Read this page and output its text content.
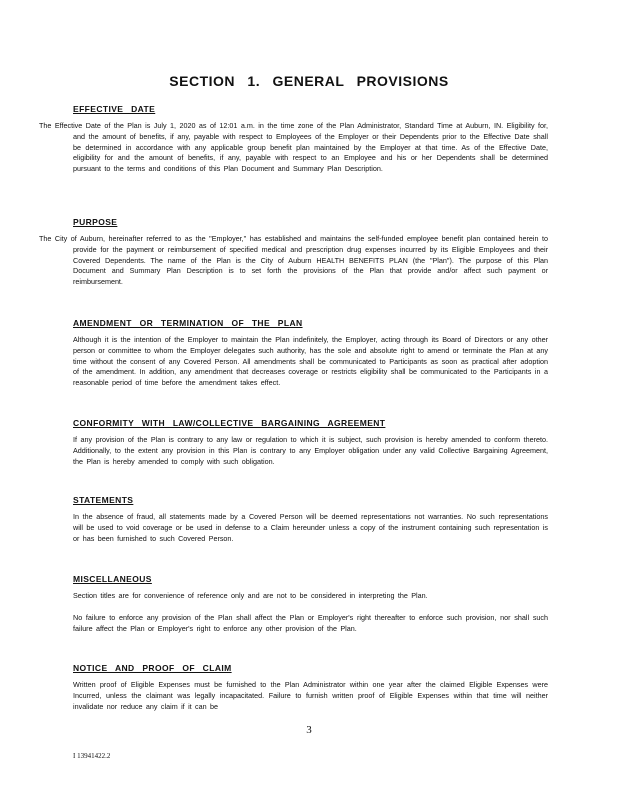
SECTION 1. GENERAL PROVISIONS
EFFECTIVE DATE

The Effective Date of the Plan is July 1, 2020 as of 12:01 a.m. in the time zone of the Plan Administrator, Standard Time at Auburn, IN. Eligibility for, and the amount of benefits, if any, payable with respect to Employees of the Employer or their Dependents prior to the Effective Date shall be determined in accordance with any applicable group benefit plan maintained by the Employer at that time. As of the Effective Date, eligibility for and the amount of benefits, if any, payable with respect to an Employee and his or her Dependents shall be determined pursuant to the terms and conditions of this Plan Document and Summary Plan Description.

PURPOSE

The City of Auburn, hereinafter referred to as the "Employer," has established and maintains the self-funded employee benefit plan contained herein to provide for the payment or reimbursement of specified medical and prescription drug expenses incurred by its Eligible Employees and their Covered Dependents. The name of the Plan is the City of Auburn HEALTH BENEFITS PLAN (the "Plan"). The purpose of this Plan Document and Summary Plan Description is to set forth the provisions of the Plan that provide and/or affect such payment or reimbursement.

AMENDMENT OR TERMINATION OF THE PLAN

Although it is the intention of the Employer to maintain the Plan indefinitely, the Employer, acting through its Board of Directors or any other person or committee to whom the Employer delegates such authority, has the sole and absolute right to amend or terminate the Plan at any time without the consent of any Covered Person. All amendments shall be communicated to Participants as soon as practical after adoption of the amendment. In addition, any amendment that decreases coverage or restricts eligibility shall be communicated to the Participants in a reasonable period of time before the amendment takes effect.

CONFORMITY WITH LAW/COLLECTIVE BARGAINING AGREEMENT

If any provision of the Plan is contrary to any law or regulation to which it is subject, such provision is hereby amended to conform thereto. Additionally, to the extent any provision in this Plan is contrary to any Employer obligation under any valid Collective Bargaining Agreement, the Plan is hereby amended to comply with such obligation.

STATEMENTS

In the absence of fraud, all statements made by a Covered Person will be deemed representations not warranties. No such representations will be used to void coverage or be used in defense to a Claim hereunder unless a copy of the instrument containing such representation is or has been furnished to such Covered Person.

MISCELLANEOUS

Section titles are for convenience of reference only and are not to be considered in interpreting the Plan.

No failure to enforce any provision of the Plan shall affect the Plan or Employer's right thereafter to enforce such provision, nor shall such failure affect the Plan or Employer's right to enforce any other provision of the Plan.

NOTICE AND PROOF OF CLAIM

Written proof of Eligible Expenses must be furnished to the Plan Administrator within one year after the claimed Eligible Expenses were Incurred, unless the claimant was legally incapacitated. Failure to furnish written proof of Eligible Expenses within that time will neither invalidate nor reduce any claim if it can be

3
I 13941422.2
